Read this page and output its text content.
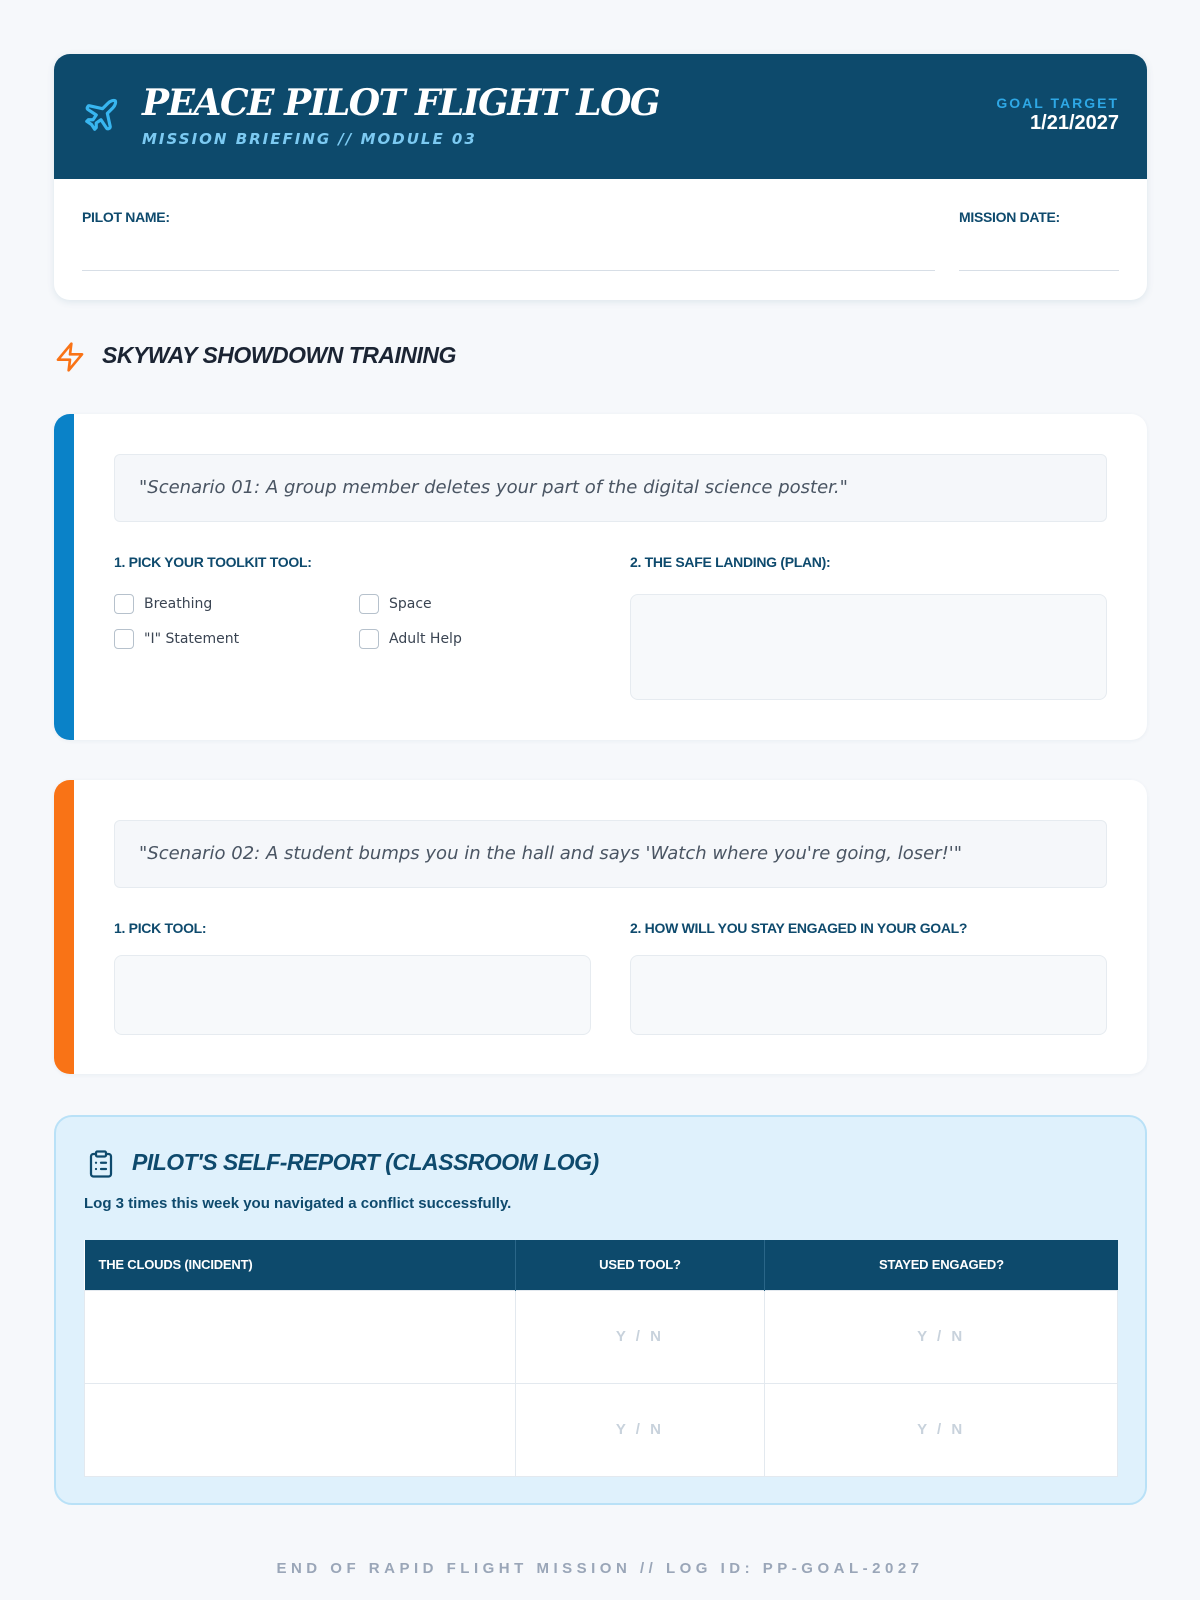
PEACE PILOT FLIGHT LOG
MISSION BRIEFING // MODULE 03
GOAL TARGET
1/21/2027
PILOT NAME:	MISSION DATE:
SKYWAY SHOWDOWN TRAINING
"Scenario 01: A group member deletes your part of the digital science poster."
1. PICK YOUR TOOLKIT TOOL:	2. THE SAFE LANDING (PLAN):
Breathing	Space
"I" Statement	Adult Help
"Scenario 02: A student bumps you in the hall and says 'Watch where you're going, loser!'"
1. PICK TOOL:	2. HOW WILL YOU STAY ENGAGED IN YOUR GOAL?
PILOT'S SELF-REPORT (CLASSROOM LOG)
Log 3 times this week you navigated a conflict successfully.
THE CLOUDS (INCIDENT)	USED TOOL?	STAYED ENGAGED?
	Y / N	Y / N
	Y / N	Y / N
END OF RAPID FLIGHT MISSION // LOG ID: PP-GOAL-2027
